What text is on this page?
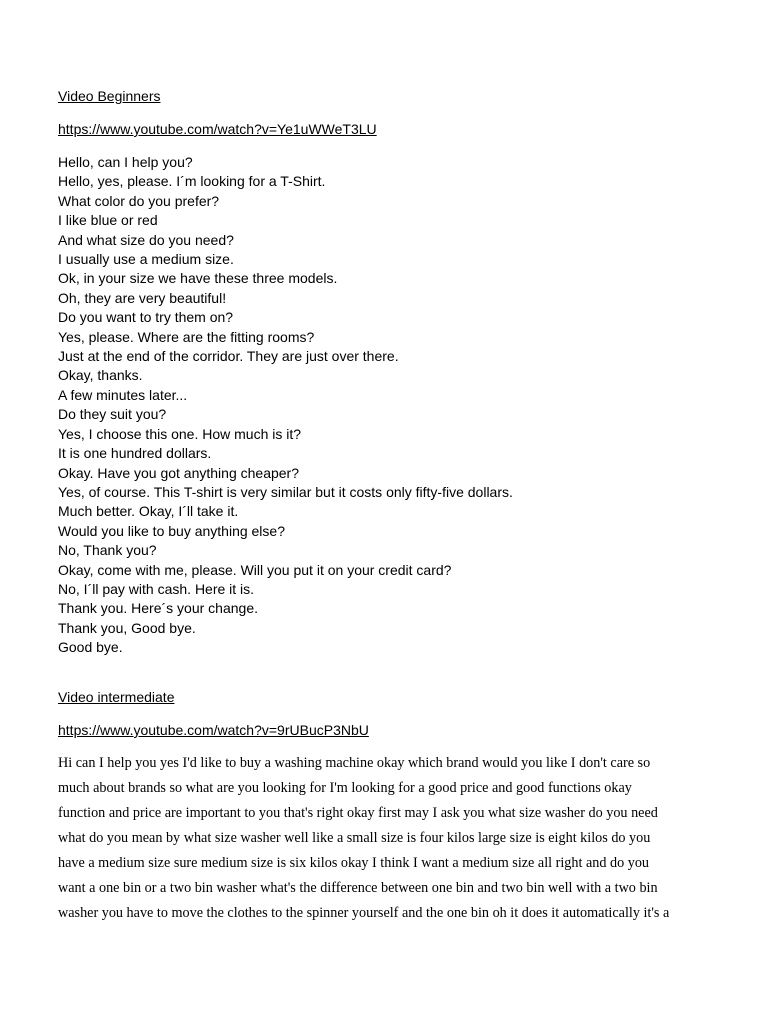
Video Beginners
https://www.youtube.com/watch?v=Ye1uWWeT3LU
Hello, can I help you?
Hello, yes, please. I´m looking for a T-Shirt.
What color do you prefer?
I like blue or red
And what size do you need?
I usually use a medium size.
Ok, in your size we have these three models.
Oh, they are very beautiful!
Do you want to try them on?
Yes, please. Where are the fitting rooms?
Just at the end of the corridor. They are just over there.
Okay, thanks.
A few minutes later...
Do they suit you?
Yes, I choose this one. How much is it?
It is one hundred dollars.
Okay. Have you got anything cheaper?
Yes, of course. This T-shirt is very similar but it costs only fifty-five dollars.
Much better. Okay, I´ll take it.
Would you like to buy anything else?
No, Thank you?
Okay, come with me, please. Will you put it on your credit card?
No, I´ll pay with cash. Here it is.
Thank you. Here´s your change.
Thank you, Good bye.
Good bye.
Video intermediate
https://www.youtube.com/watch?v=9rUBucP3NbU

Hi can I help you yes I'd like to buy a washing machine okay which brand would you like I don't care so
much about brands so what are you looking for I'm looking for a good price and good functions okay
function and price are important to you that's right okay first may I ask you what size washer do you need
what do you mean by what size washer well like a small size is four kilos large size is eight kilos do you
have a medium size sure medium size is six kilos okay I think I want a medium size all right and do you
want a one bin or a two bin washer what's the difference between one bin and two bin well with a two bin
washer you have to move the clothes to the spinner yourself and the one bin oh it does it automatically it's a
